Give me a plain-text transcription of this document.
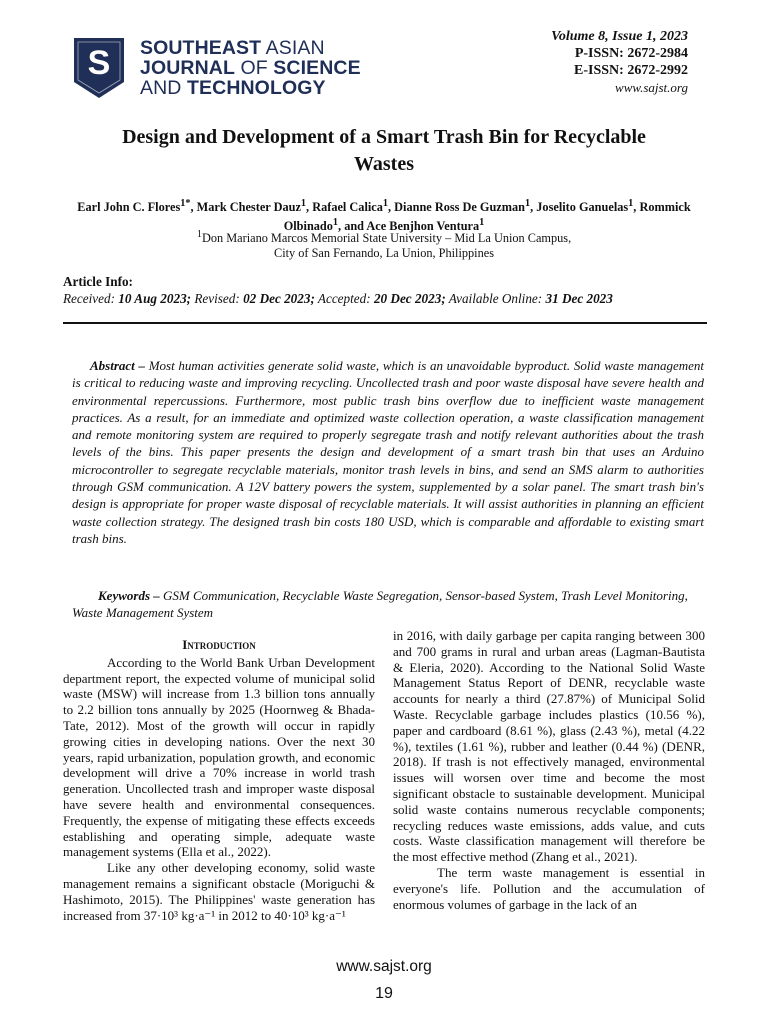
S SOUTHEAST ASIAN
JOURNAL OF SCIENCE
AND TECHNOLOGY
Volume 8, Issue 1, 2023
P-ISSN: 2672-2984
E-ISSN: 2672-2992
www.sajst.org
Design and Development of a Smart Trash Bin for Recyclable
Wastes
Earl John C. Flores$^{1*}$, Mark Chester Dauz$^1$, Rafael Calica$^1$, Dianne Ross De Guzman$^1$, Joselito Ganuelas$^1$, Rommick
Olbinado$^1$, and Ace Benjhon Ventura$^1$
$^1$Don Mariano Marcos Memorial State University – Mid La Union Campus,
City of San Fernando, La Union, Philippines
Article Info:
Received: 10 Aug 2023; Revised: 02 Dec 2023; Accepted: 20 Dec 2023; Available Online: 31 Dec 2023
Abstract – Most human activities generate solid waste, which is an unavoidable byproduct. Solid waste management is critical to reducing waste and improving recycling. Uncollected trash and poor waste disposal have severe health and environmental repercussions. Furthermore, most public trash bins overflow due to inefficient waste management practices. As a result, for an immediate and optimized waste collection operation, a waste classification management and remote monitoring system are required to properly segregate trash and notify relevant authorities about the trash levels of the bins. This paper presents the design and development of a smart trash bin that uses an Arduino microcontroller to segregate recyclable materials, monitor trash levels in bins, and send an SMS alarm to authorities through GSM communication. A 12V battery powers the system, supplemented by a solar panel. The smart trash bin's design is appropriate for proper waste disposal of recyclable materials. It will assist authorities in planning an efficient waste collection strategy. The designed trash bin costs 180 USD, which is comparable and affordable to existing smart trash bins.
Keywords – GSM Communication, Recyclable Waste Segregation, Sensor-based System, Trash Level Monitoring, Waste Management System
Introduction

According to the World Bank Urban Development department report, the expected volume of municipal solid waste (MSW) will increase from 1.3 billion tons annually to 2.2 billion tons annually by 2025 (Hoornweg & Bhada-Tate, 2012). Most of the growth will occur in rapidly growing cities in developing nations. Over the next 30 years, rapid urbanization, population growth, and economic development will drive a 70% increase in world trash generation. Uncollected trash and improper waste disposal have severe health and environmental consequences. Frequently, the expense of mitigating these effects exceeds establishing and operating simple, adequate waste management systems (Ella et al., 2022).

Like any other developing economy, solid waste management remains a significant obstacle (Moriguchi & Hashimoto, 2015). The Philippines' waste generation has increased from 37·10³ kg·a⁻¹ in 2012 to 40·10³ kg·a⁻¹

in 2016, with daily garbage per capita ranging between 300 and 700 grams in rural and urban areas (Lagman-Bautista & Eleria, 2020). According to the National Solid Waste Management Status Report of DENR, recyclable waste accounts for nearly a third (27.87%) of Municipal Solid Waste. Recyclable garbage includes plastics (10.56 %), paper and cardboard (8.61 %), glass (2.43 %), metal (4.22 %), textiles (1.61 %), rubber and leather (0.44 %) (DENR, 2018). If trash is not effectively managed, environmental issues will worsen over time and become the most significant obstacle to sustainable development. Municipal solid waste contains numerous recyclable components; recycling reduces waste emissions, adds value, and cuts costs. Waste classification management will therefore be the most effective method (Zhang et al., 2021).

The term waste management is essential in everyone's life. Pollution and the accumulation of enormous volumes of garbage in the lack of an

www.sajst.org
19
